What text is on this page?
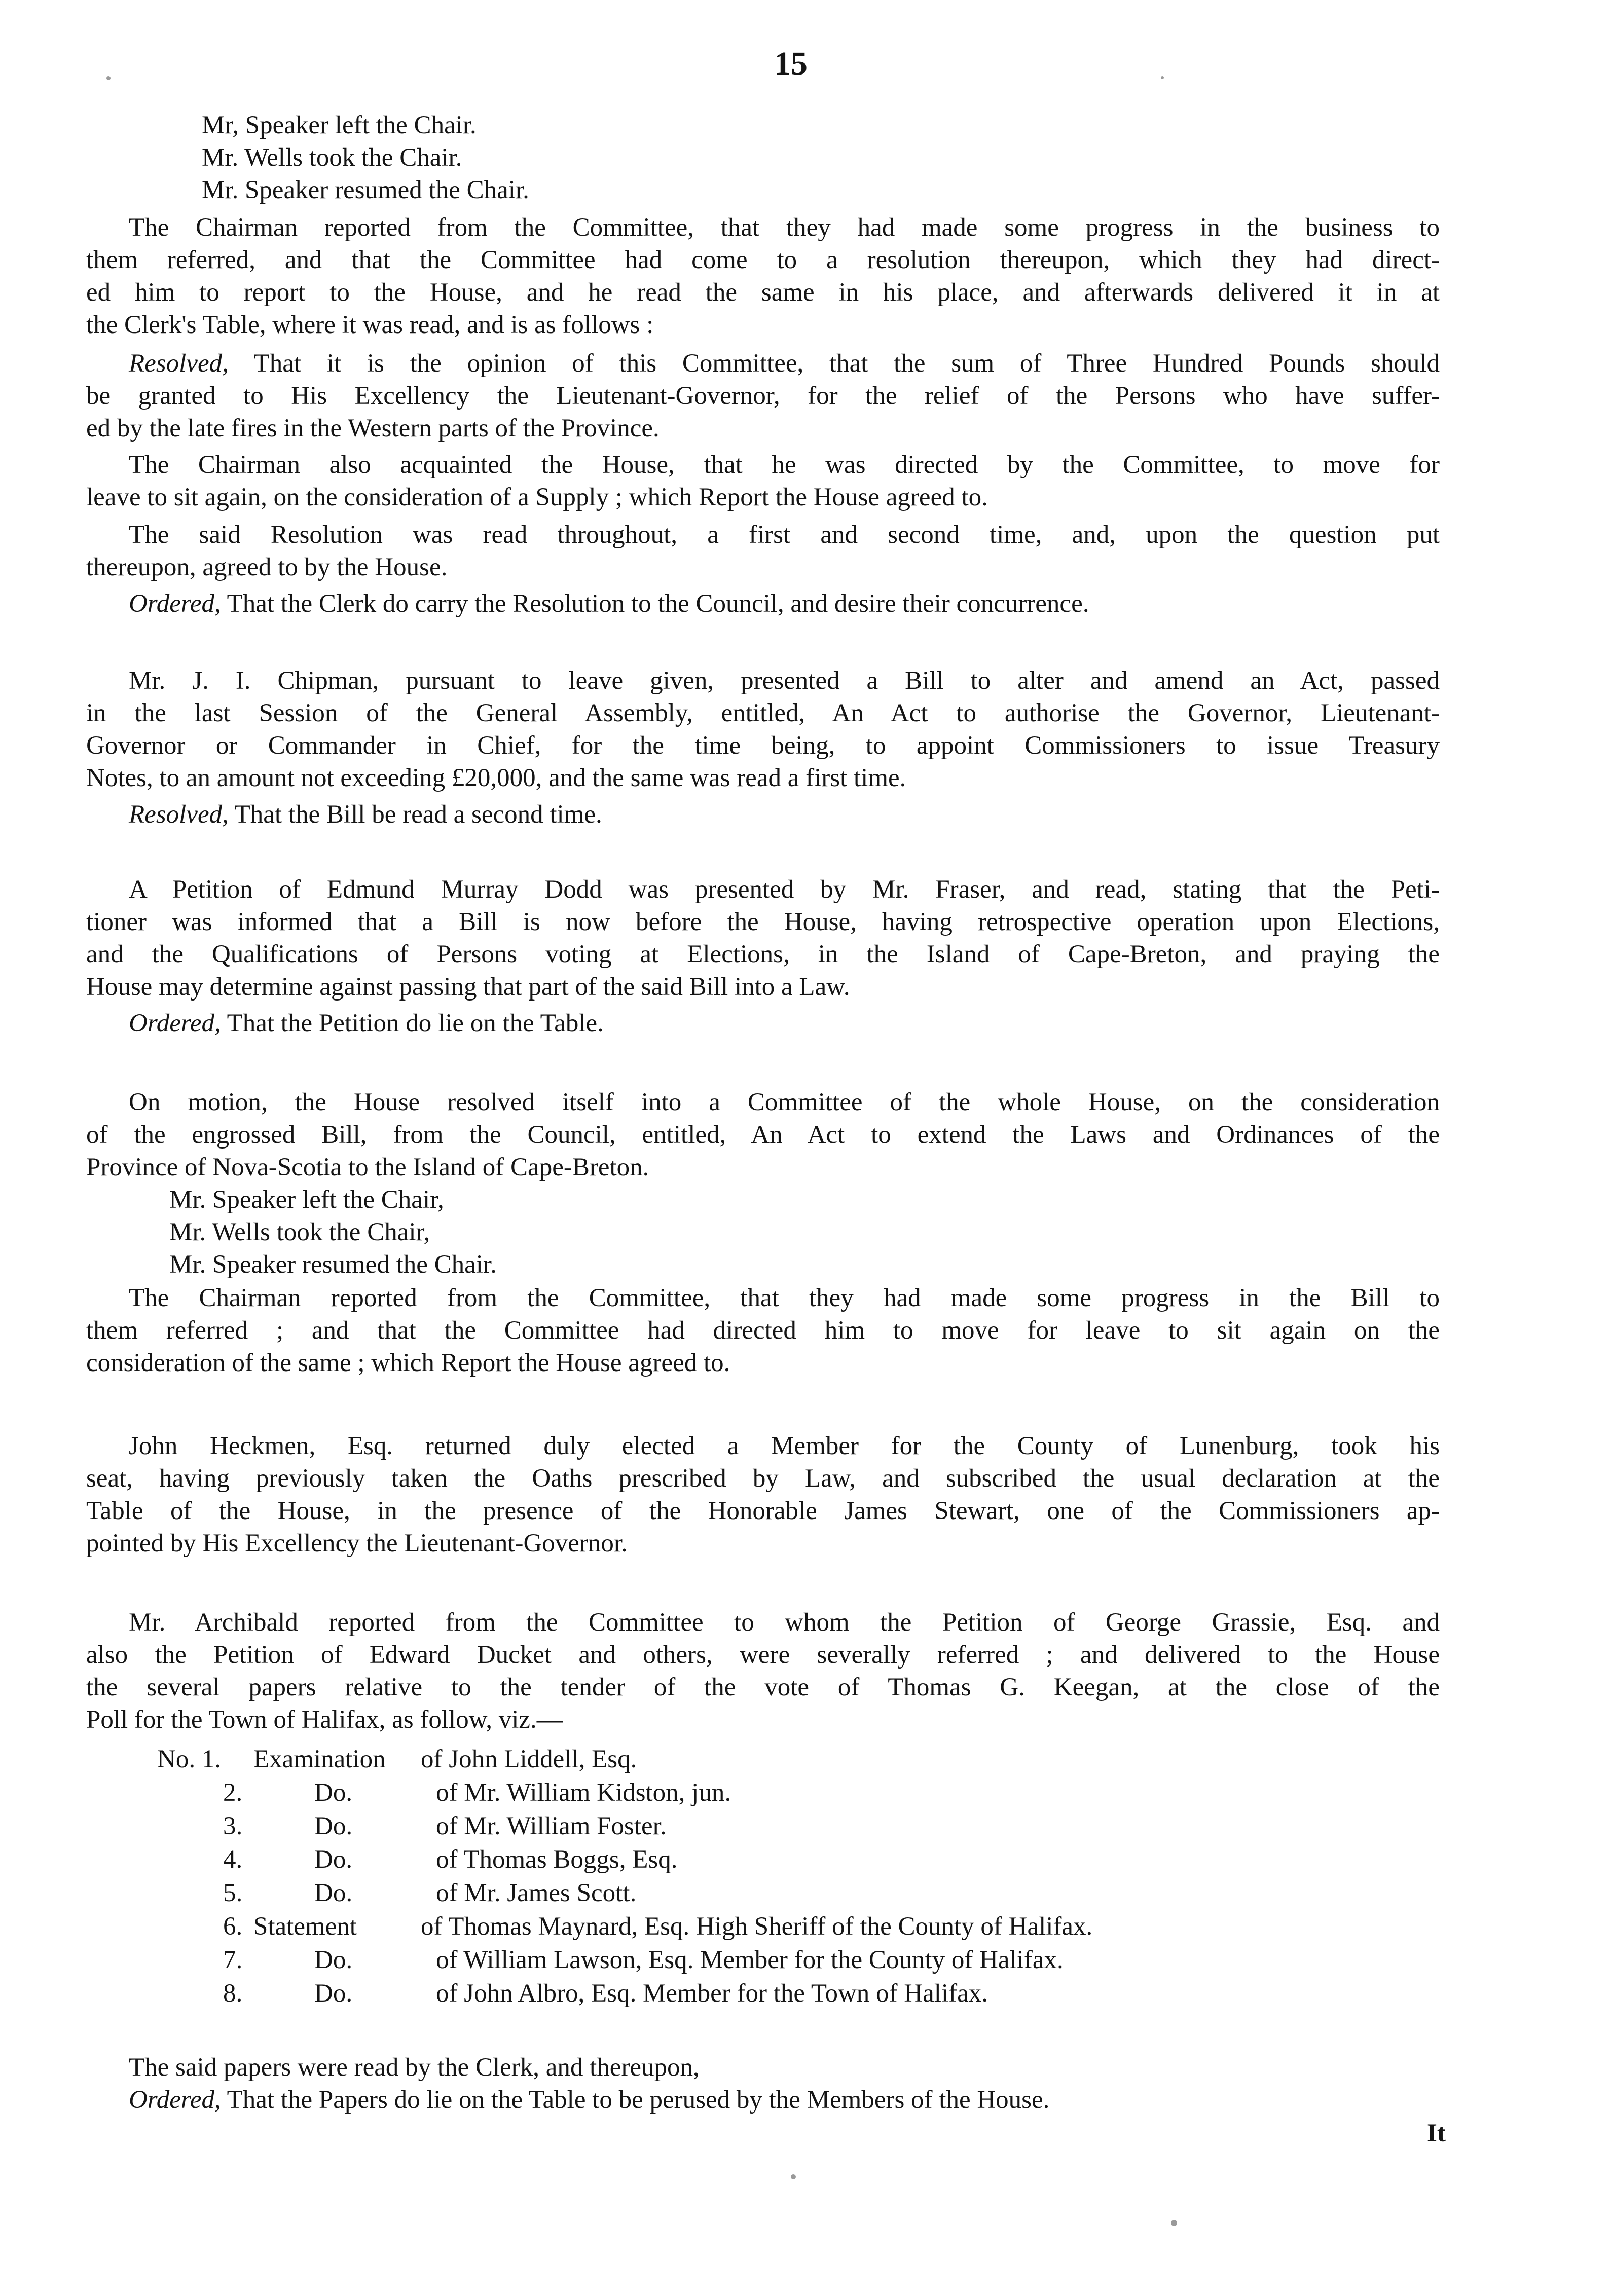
15
Mr, Speaker left the Chair.
Mr. Wells took the Chair.
Mr. Speaker resumed the Chair.
The Chairman reported from the Committee, that they had made some progress in the business to
them referred, and that the Committee had come to a resolution thereupon, which they had direct-
ed him to report to the House, and he read the same in his place, and afterwards delivered it in at
the Clerk's Table, where it was read, and is as follows :
Resolved, That it is the opinion of this Committee, that the sum of Three Hundred Pounds should
be granted to His Excellency the Lieutenant-Governor, for the relief of the Persons who have suffer-
ed by the late fires in the Western parts of the Province.
The Chairman also acquainted the House, that he was directed by the Committee, to move for
leave to sit again, on the consideration of a Supply ; which Report the House agreed to.
The said Resolution was read throughout, a first and second time, and, upon the question put
thereupon, agreed to by the House.
Ordered, That the Clerk do carry the Resolution to the Council, and desire their concurrence.
Mr. J. I. Chipman, pursuant to leave given, presented a Bill to alter and amend an Act, passed
in the last Session of the General Assembly, entitled, An Act to authorise the Governor, Lieutenant-
Governor or Commander in Chief, for the time being, to appoint Commissioners to issue Treasury
Notes, to an amount not exceeding £20,000, and the same was read a first time.
Resolved, That the Bill be read a second time.
A Petition of Edmund Murray Dodd was presented by Mr. Fraser, and read, stating that the Peti-
tioner was informed that a Bill is now before the House, having retrospective operation upon Elections,
and the Qualifications of Persons voting at Elections, in the Island of Cape-Breton, and praying the
House may determine against passing that part of the said Bill into a Law.
Ordered, That the Petition do lie on the Table.
On motion, the House resolved itself into a Committee of the whole House, on the consideration
of the engrossed Bill, from the Council, entitled, An Act to extend the Laws and Ordinances of the
Province of Nova-Scotia to the Island of Cape-Breton.
Mr. Speaker left the Chair,
Mr. Wells took the Chair,
Mr. Speaker resumed the Chair.
The Chairman reported from the Committee, that they had made some progress in the Bill to
them referred ; and that the Committee had directed him to move for leave to sit again on the
consideration of the same ; which Report the House agreed to.
John Heckmen, Esq. returned duly elected a Member for the County of Lunenburg, took his
seat, having previously taken the Oaths prescribed by Law, and subscribed the usual declaration at the
Table of the House, in the presence of the Honorable James Stewart, one of the Commissioners ap-
pointed by His Excellency the Lieutenant-Governor.
Mr. Archibald reported from the Committee to whom the Petition of George Grassie, Esq. and
also the Petition of Edward Ducket and others, were severally referred ; and delivered to the House
the several papers relative to the tender of the vote of Thomas G. Keegan, at the close of the
Poll for the Town of Halifax, as follow, viz.—
No. 1. Examination of John Liddell, Esq.
2.	Do.	of Mr. William Kidston, jun.
3.	Do.	of Mr. William Foster.
4.	Do.	of Thomas Boggs, Esq.
5.	Do.	of Mr. James Scott.
6. Statement of Thomas Maynard, Esq. High Sheriff of the County of Halifax.
7.	Do.	of William Lawson, Esq. Member for the County of Halifax.
8.	Do.	of John Albro, Esq. Member for the Town of Halifax.
The said papers were read by the Clerk, and thereupon,
Ordered, That the Papers do lie on the Table to be perused by the Members of the House.
It
